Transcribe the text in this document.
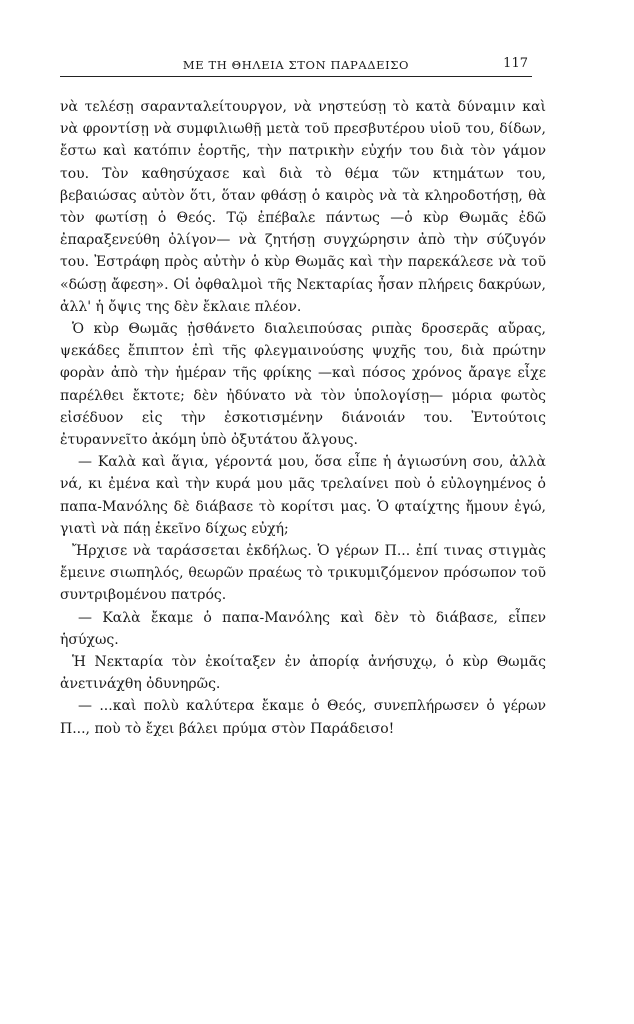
ΜΕ ΤΗ ΘΗΛΕΙΑ ΣΤΟΝ ΠΑΡΑΔΕΙΣΟ	117

νὰ τελέσῃ σαρανταλείτουργον, νὰ νηστεύσῃ τὸ κατὰ δύναμιν καὶ νὰ φροντίσῃ νὰ συμφιλιωθῇ μετὰ τοῦ πρεσβυτέρου υἱοῦ του, δίδων, ἔστω καὶ κατόπιν ἑορτῆς, τὴν πατρικὴν εὐχήν του διὰ τὸν γάμον του. Τὸν καθησύχασε καὶ διὰ τὸ θέμα τῶν κτημάτων του, βεβαιώσας αὐτὸν ὅτι, ὅταν φθάσῃ ὁ καιρὸς νὰ τὰ κληροδοτήσῃ, θὰ τὸν φωτίσῃ ὁ Θεός. Τῷ ἐπέβαλε πάντως —ὁ κὺρ Θωμᾶς ἐδῶ ἐπαραξενεύθη ὀλίγον— νὰ ζητήσῃ συγχώρησιν ἀπὸ τὴν σύζυγόν του. Ἐστράφη πρὸς αὐτὴν ὁ κὺρ Θωμᾶς καὶ τὴν παρεκάλεσε νὰ τοῦ «δώσῃ ἄφεση». Οἱ ὀφθαλμοὶ τῆς Νεκταρίας ἦσαν πλήρεις δακρύων, ἀλλ' ἡ ὄψις της δὲν ἔκλαιε πλέον.

Ὁ κὺρ Θωμᾶς ᾐσθάνετο διαλειπούσας ριπὰς δροσερᾶς αὔρας, ψεκάδες ἔπιπτον ἐπὶ τῆς φλεγμαινούσης ψυχῆς του, διὰ πρώτην φορὰν ἀπὸ τὴν ἡμέραν τῆς φρίκης —καὶ πόσος χρόνος ἄραγε εἶχε παρέλθει ἔκτοτε; δὲν ἠδύνατο νὰ τὸν ὑπολογίσῃ— μόρια φωτὸς εἰσέδυον εἰς τὴν ἐσκοτισμένην διάνοιάν του. Ἐντούτοις ἐτυραννεῖτο ἀκόμη ὑπὸ ὀξυτάτου ἄλγους.

— Καλὰ καὶ ἅγια, γέροντά μου, ὅσα εἶπε ἡ ἁγιωσύνη σου, ἀλλὰ νά, κι ἐμένα καὶ τὴν κυρά μου μᾶς τρελαίνει ποὺ ὁ εὐλογημένος ὁ παπα-Μανόλης δὲ διάβασε τὸ κορίτσι μας. Ὁ φταίχτης ἤμουν ἐγώ, γιατὶ νὰ πάῃ ἐκεῖνο δίχως εὐχή;

Ἤρχισε νὰ ταράσσεται ἐκδήλως. Ὁ γέρων Π... ἐπί τινας στιγμὰς ἔμεινε σιωπηλός, θεωρῶν πραέως τὸ τρικυμιζόμενον πρόσωπον τοῦ συντριβομένου πατρός.

— Καλὰ ἔκαμε ὁ παπα-Μανόλης καὶ δὲν τὸ διάβασε, εἶπεν ἡσύχως.

Ἡ Νεκταρία τὸν ἐκοίταξεν ἐν ἀπορίᾳ ἀνήσυχῳ, ὁ κὺρ Θωμᾶς ἀνετινάχθη ὀδυνηρῶς.

— ...καὶ πολὺ καλύτερα ἔκαμε ὁ Θεός, συνεπλήρωσεν ὁ γέρων Π..., ποὺ τὸ ἔχει βάλει πρύμα στὸν Παράδεισο!
